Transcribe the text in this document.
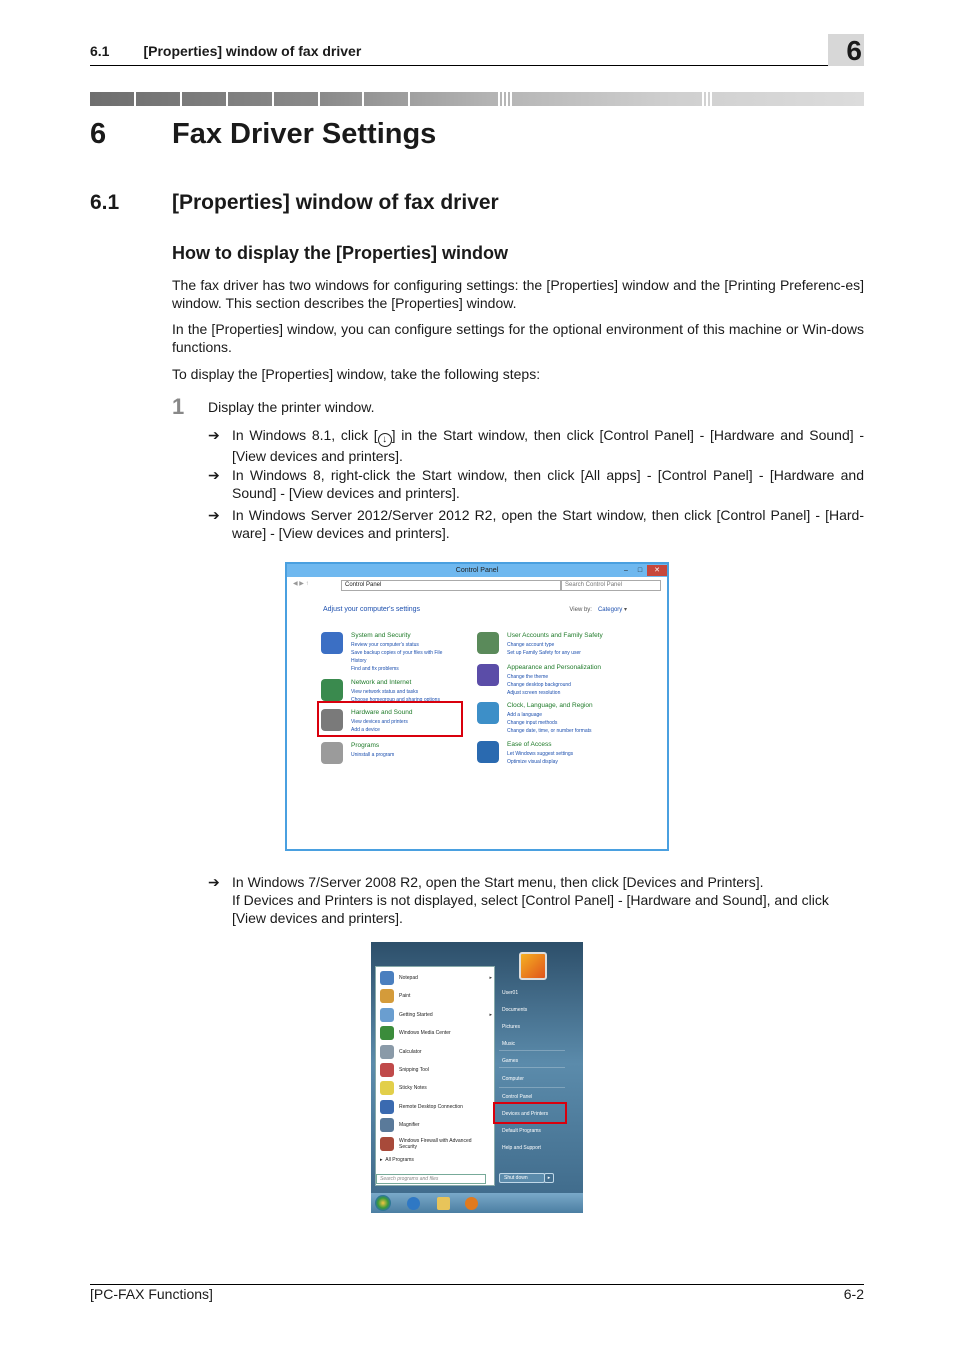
6.1 [Properties] window of fax driver	6
6 Fax Driver Settings
6.1	[Properties] window of fax driver
How to display the [Properties] window

The fax driver has two windows for configuring settings: the [Properties] window and the [Printing Preferenc-es] window. This section describes the [Properties] window.

In the [Properties] window, you can configure settings for the optional environment of this machine or Win-dows functions.

To display the [Properties] window, take the following steps:

1 Display the printer window.
➔ In Windows 8.1, click [ ↓ ] in the Start window, then click [Control Panel] - [Hardware and Sound] - [View devices and printers].
➔ In Windows 8, right-click the Start window, then click [All apps] - [Control Panel] - [Hardware and Sound] - [View devices and printers].
➔ In Windows Server 2012/Server 2012 R2, open the Start window, then click [Control Panel] - [Hard-ware] - [View devices and printers].
Control Panel	– □ ✕
◀ ▶ ↑	Control Panel	Search Control Panel
Adjust your computer's settings	View by: Category ▾
System and Security
Review your computer's status
Save backup copies of your files with File
History
Find and fix problems
Network and Internet
View network status and tasks
Choose homegroup and sharing options
Hardware and Sound
View devices and printers
Add a device
Programs
Uninstall a program
User Accounts and Family Safety
Change account type
Set up Family Safety for any user
Appearance and Personalization
Change the theme
Change desktop background
Adjust screen resolution
Clock, Language, and Region
Add a language
Change input methods
Change date, time, or number formats
Ease of Access
Let Windows suggest settings
Optimize visual display
➔ In Windows 7/Server 2008 R2, open the Start menu, then click [Devices and Printers].
If Devices and Printers is not displayed, select [Control Panel] - [Hardware and Sound], and click [View devices and printers].
Notepad	▸
Paint
Getting Started	▸
Windows Media Center
Calculator
Snipping Tool
Sticky Notes
Remote Desktop Connection
Magnifier
Windows Firewall with Advanced Security
▸  All Programs
Search programs and files
User01
Documents
Pictures
Music
Games
Computer
Control Panel
Devices and Printers
Default Programs
Help and Support
Shut down	▸
[PC-FAX Functions]	6-2
